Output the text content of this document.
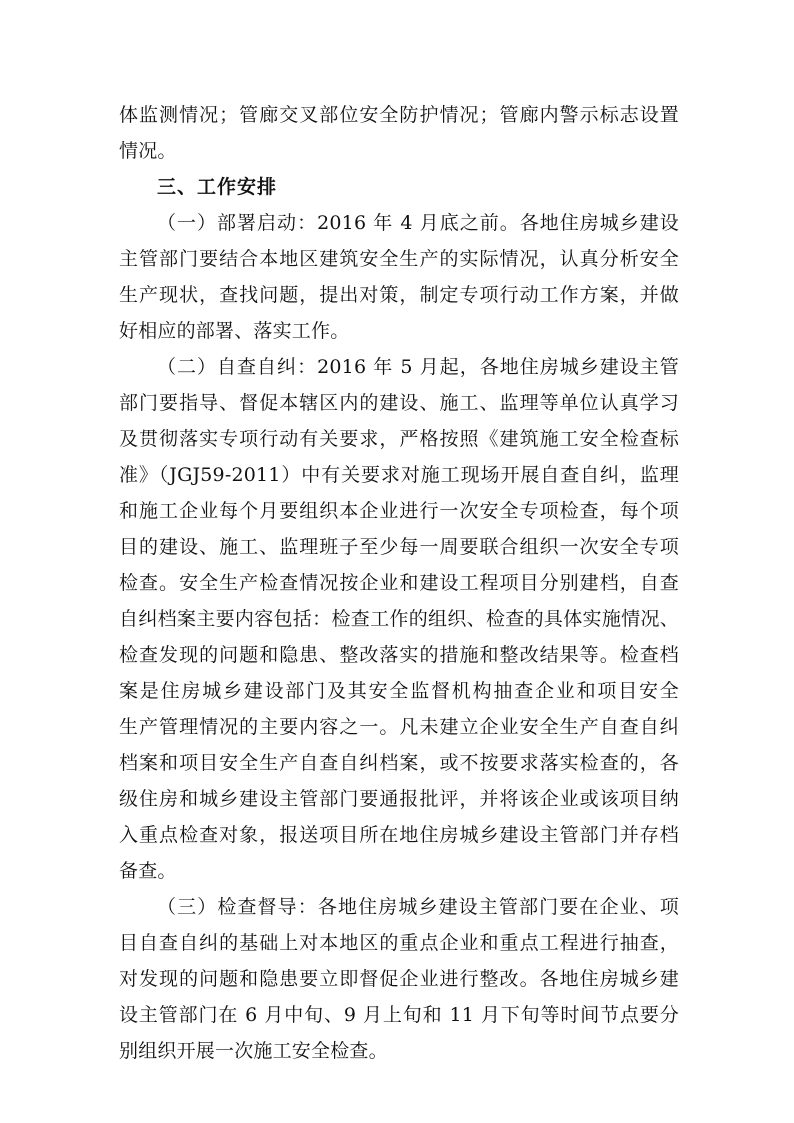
体监测情况；管廊交叉部位安全防护情况；管廊内警示标志设置
情况。
三、工作安排
（一）部署启动：2016 年 4 月底之前。各地住房城乡建设
主管部门要结合本地区建筑安全生产的实际情况，认真分析安全
生产现状，查找问题，提出对策，制定专项行动工作方案，并做
好相应的部署、落实工作。
（二）自查自纠：2016 年 5 月起，各地住房城乡建设主管
部门要指导、督促本辖区内的建设、施工、监理等单位认真学习
及贯彻落实专项行动有关要求，严格按照《建筑施工安全检查标
准》（JGJ59-2011）中有关要求对施工现场开展自查自纠，监理
和施工企业每个月要组织本企业进行一次安全专项检查，每个项
目的建设、施工、监理班子至少每一周要联合组织一次安全专项
检查。安全生产检查情况按企业和建设工程项目分别建档，自查
自纠档案主要内容包括：检查工作的组织、检查的具体实施情况、
检查发现的问题和隐患、整改落实的措施和整改结果等。检查档
案是住房城乡建设部门及其安全监督机构抽查企业和项目安全
生产管理情况的主要内容之一。凡未建立企业安全生产自查自纠
档案和项目安全生产自查自纠档案，或不按要求落实检查的，各
级住房和城乡建设主管部门要通报批评，并将该企业或该项目纳
入重点检查对象，报送项目所在地住房城乡建设主管部门并存档
备查。
（三）检查督导：各地住房城乡建设主管部门要在企业、项
目自查自纠的基础上对本地区的重点企业和重点工程进行抽查，
对发现的问题和隐患要立即督促企业进行整改。各地住房城乡建
设主管部门在 6 月中旬、9 月上旬和 11 月下旬等时间节点要分
别组织开展一次施工安全检查。
